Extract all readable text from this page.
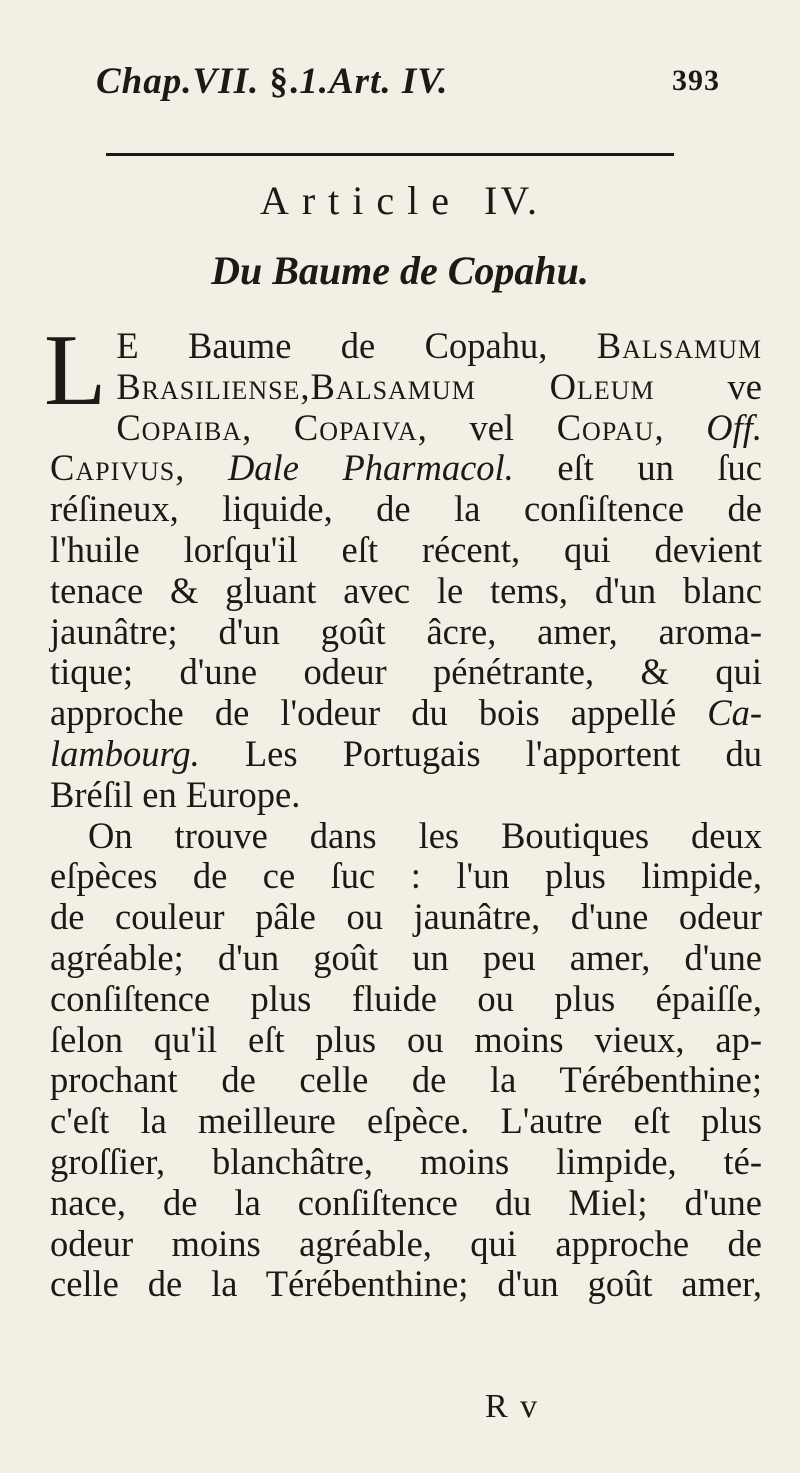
Chap.VII. §.1.Art. IV.	393
Article IV.
Du Baume de Copahu.
L E Baume de Copahu, Balsamum
Brasiliense,Balsamum Oleum ve
Copaiba, Copaiva, vel Copau, Off.
Capivus, Dale Pharmacol. eſt un ſuc
réſineux, liquide, de la conſiſtence de
l'huile lorſqu'il eſt récent, qui devient
tenace & gluant avec le tems, d'un blanc
jaunâtre; d'un goût âcre, amer, aroma-
tique; d'une odeur pénétrante, & qui
approche de l'odeur du bois appellé Ca-
lambourg. Les Portugais l'apportent du
Bréſil en Europe.
On trouve dans les Boutiques deux
eſpèces de ce ſuc : l'un plus limpide,
de couleur pâle ou jaunâtre, d'une odeur
agréable; d'un goût un peu amer, d'une
conſiſtence plus fluide ou plus épaiſſe,
ſelon qu'il eſt plus ou moins vieux, ap-
prochant de celle de la Térébenthine;
c'eſt la meilleure eſpèce. L'autre eſt plus
groſſier, blanchâtre, moins limpide, té-
nace, de la conſiſtence du Miel; d'une
odeur moins agréable, qui approche de
celle de la Térébenthine; d'un goût amer,
R v
